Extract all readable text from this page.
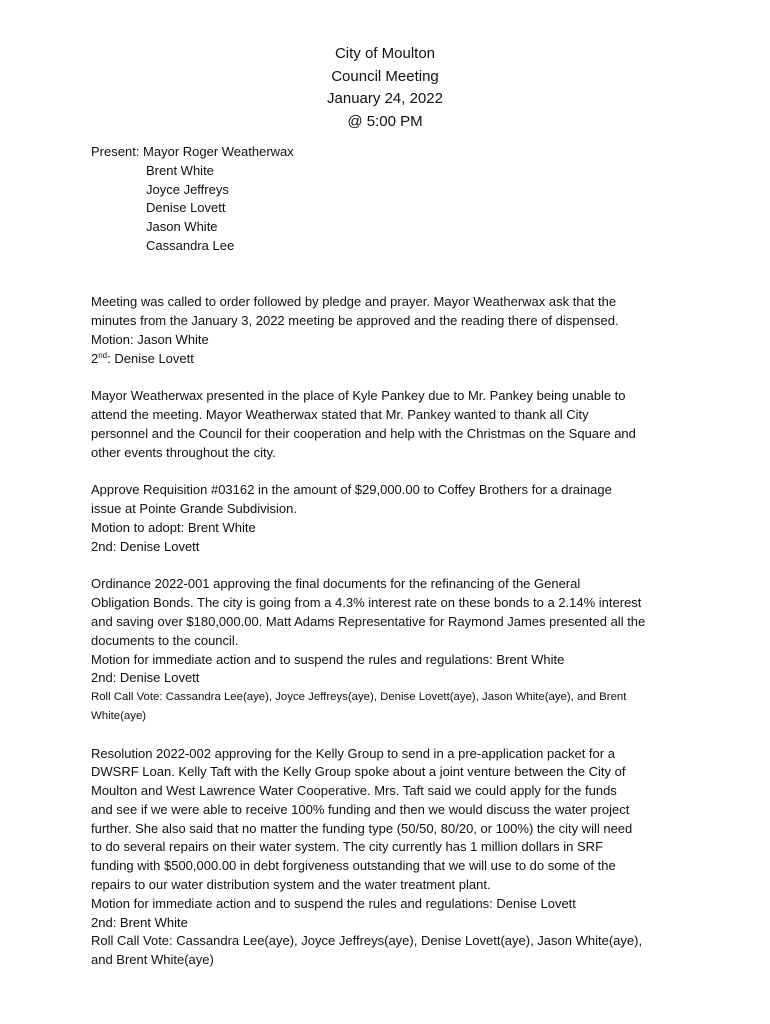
City of Moulton
Council Meeting
January 24, 2022
@ 5:00 PM
Present: Mayor Roger Weatherwax
Brent White
Joyce Jeffreys
Denise Lovett
Jason White
Cassandra Lee
Meeting was called to order followed by pledge and prayer. Mayor Weatherwax ask that the
minutes from the January 3, 2022 meeting be approved and the reading there of dispensed.
Motion: Jason White
2nd: Denise Lovett
Mayor Weatherwax presented in the place of Kyle Pankey due to Mr. Pankey being unable to
attend the meeting. Mayor Weatherwax stated that Mr. Pankey wanted to thank all City
personnel and the Council for their cooperation and help with the Christmas on the Square and
other events throughout the city.
Approve Requisition #03162 in the amount of $29,000.00 to Coffey Brothers for a drainage
issue at Pointe Grande Subdivision.
Motion to adopt: Brent White
2nd: Denise Lovett
Ordinance 2022-001 approving the final documents for the refinancing of the General
Obligation Bonds. The city is going from a 4.3% interest rate on these bonds to a 2.14% interest
and saving over $180,000.00. Matt Adams Representative for Raymond James presented all the
documents to the council.
Motion for immediate action and to suspend the rules and regulations: Brent White
2nd: Denise Lovett
Roll Call Vote: Cassandra Lee(aye), Joyce Jeffreys(aye), Denise Lovett(aye), Jason White(aye), and Brent
White(aye)
Resolution 2022-002 approving for the Kelly Group to send in a pre-application packet for a
DWSRF Loan. Kelly Taft with the Kelly Group spoke about a joint venture between the City of
Moulton and West Lawrence Water Cooperative. Mrs. Taft said we could apply for the funds
and see if we were able to receive 100% funding and then we would discuss the water project
further. She also said that no matter the funding type (50/50, 80/20, or 100%) the city will need
to do several repairs on their water system. The city currently has 1 million dollars in SRF
funding with $500,000.00 in debt forgiveness outstanding that we will use to do some of the
repairs to our water distribution system and the water treatment plant.
Motion for immediate action and to suspend the rules and regulations: Denise Lovett
2nd: Brent White
Roll Call Vote: Cassandra Lee(aye), Joyce Jeffreys(aye), Denise Lovett(aye), Jason White(aye),
and Brent White(aye)
